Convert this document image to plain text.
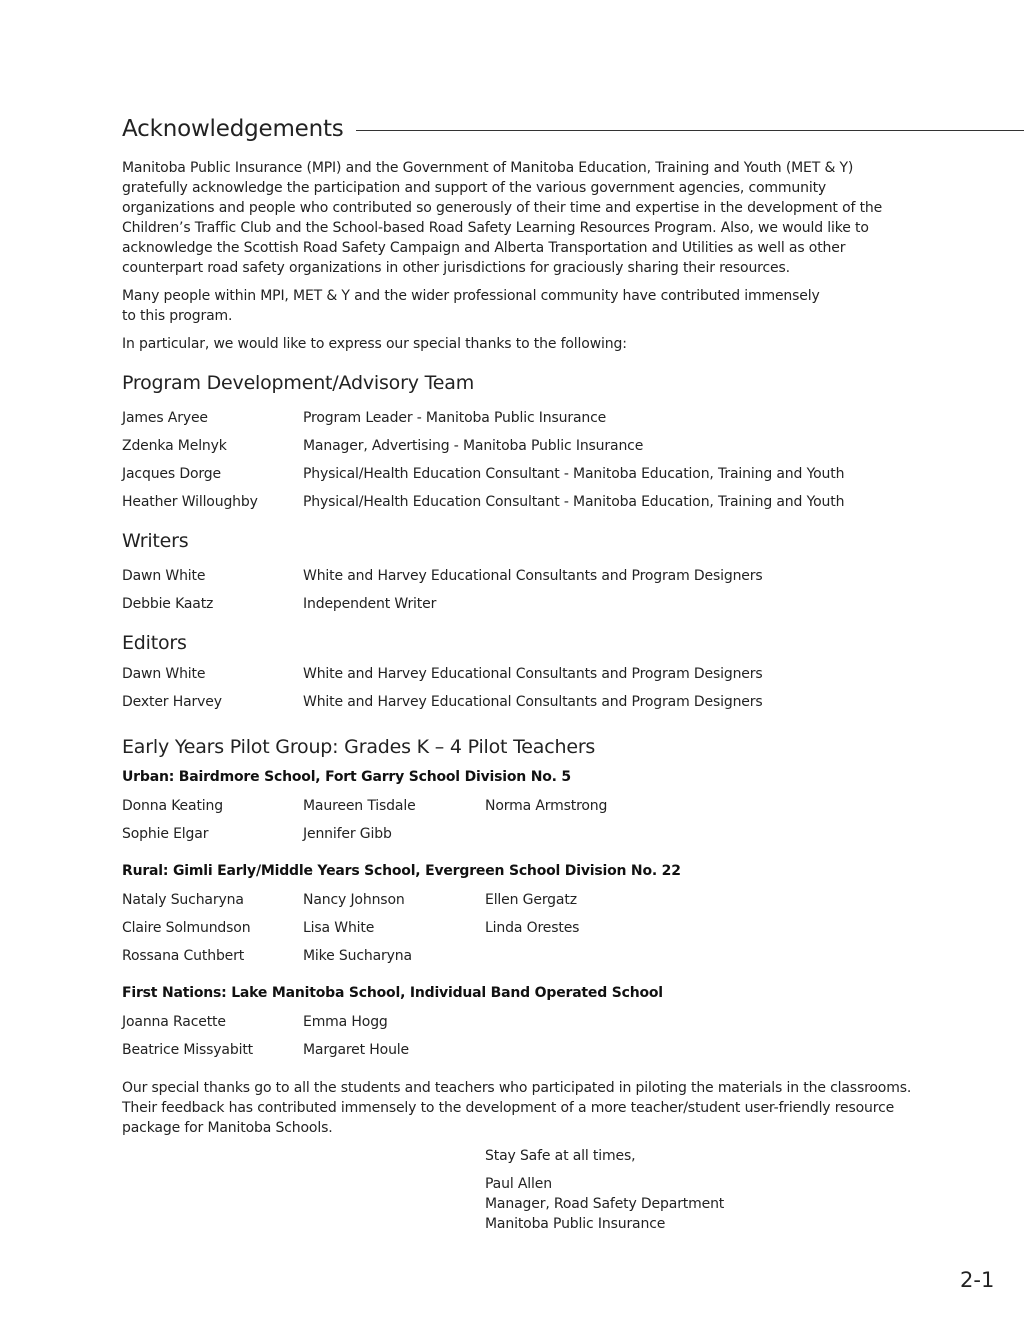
Acknowledgements
Manitoba Public Insurance (MPI) and the Government of Manitoba Education, Training and Youth (MET & Y) gratefully acknowledge the participation and support of the various government agencies, community organizations and people who contributed so generously of their time and expertise in the development of the Children’s Traffic Club and the School-based Road Safety Learning Resources Program. Also, we would like to acknowledge the Scottish Road Safety Campaign and Alberta Transportation and Utilities as well as other counterpart road safety organizations in other jurisdictions for graciously sharing their resources.
Many people within MPI, MET & Y and the wider professional community have contributed immensely to this program.
In particular, we would like to express our special thanks to the following:
Program Development/Advisory Team
James Aryee	Program Leader - Manitoba Public Insurance
Zdenka Melnyk	Manager, Advertising - Manitoba Public Insurance
Jacques Dorge	Physical/Health Education Consultant - Manitoba Education, Training and Youth
Heather Willoughby	Physical/Health Education Consultant - Manitoba Education, Training and Youth
Writers
Dawn White	White and Harvey Educational Consultants and Program Designers
Debbie Kaatz	Independent Writer
Editors
Dawn White	White and Harvey Educational Consultants and Program Designers
Dexter Harvey	White and Harvey Educational Consultants and Program Designers
Early Years Pilot Group: Grades K – 4 Pilot Teachers
Urban: Bairdmore School, Fort Garry School Division No. 5
Donna Keating	Maureen Tisdale	Norma Armstrong
Sophie Elgar	Jennifer Gibb
Rural: Gimli Early/Middle Years School, Evergreen School Division No. 22
Nataly Sucharyna	Nancy Johnson	Ellen Gergatz
Claire Solmundson	Lisa White	Linda Orestes
Rossana Cuthbert	Mike Sucharyna
First Nations: Lake Manitoba School, Individual Band Operated School
Joanna Racette	Emma Hogg
Beatrice Missyabitt	Margaret Houle
Our special thanks go to all the students and teachers who participated in piloting the materials in the classrooms. Their feedback has contributed immensely to the development of a more teacher/student user-friendly resource package for Manitoba Schools.
Stay Safe at all times,
Paul Allen
Manager, Road Safety Department
Manitoba Public Insurance
2-1
